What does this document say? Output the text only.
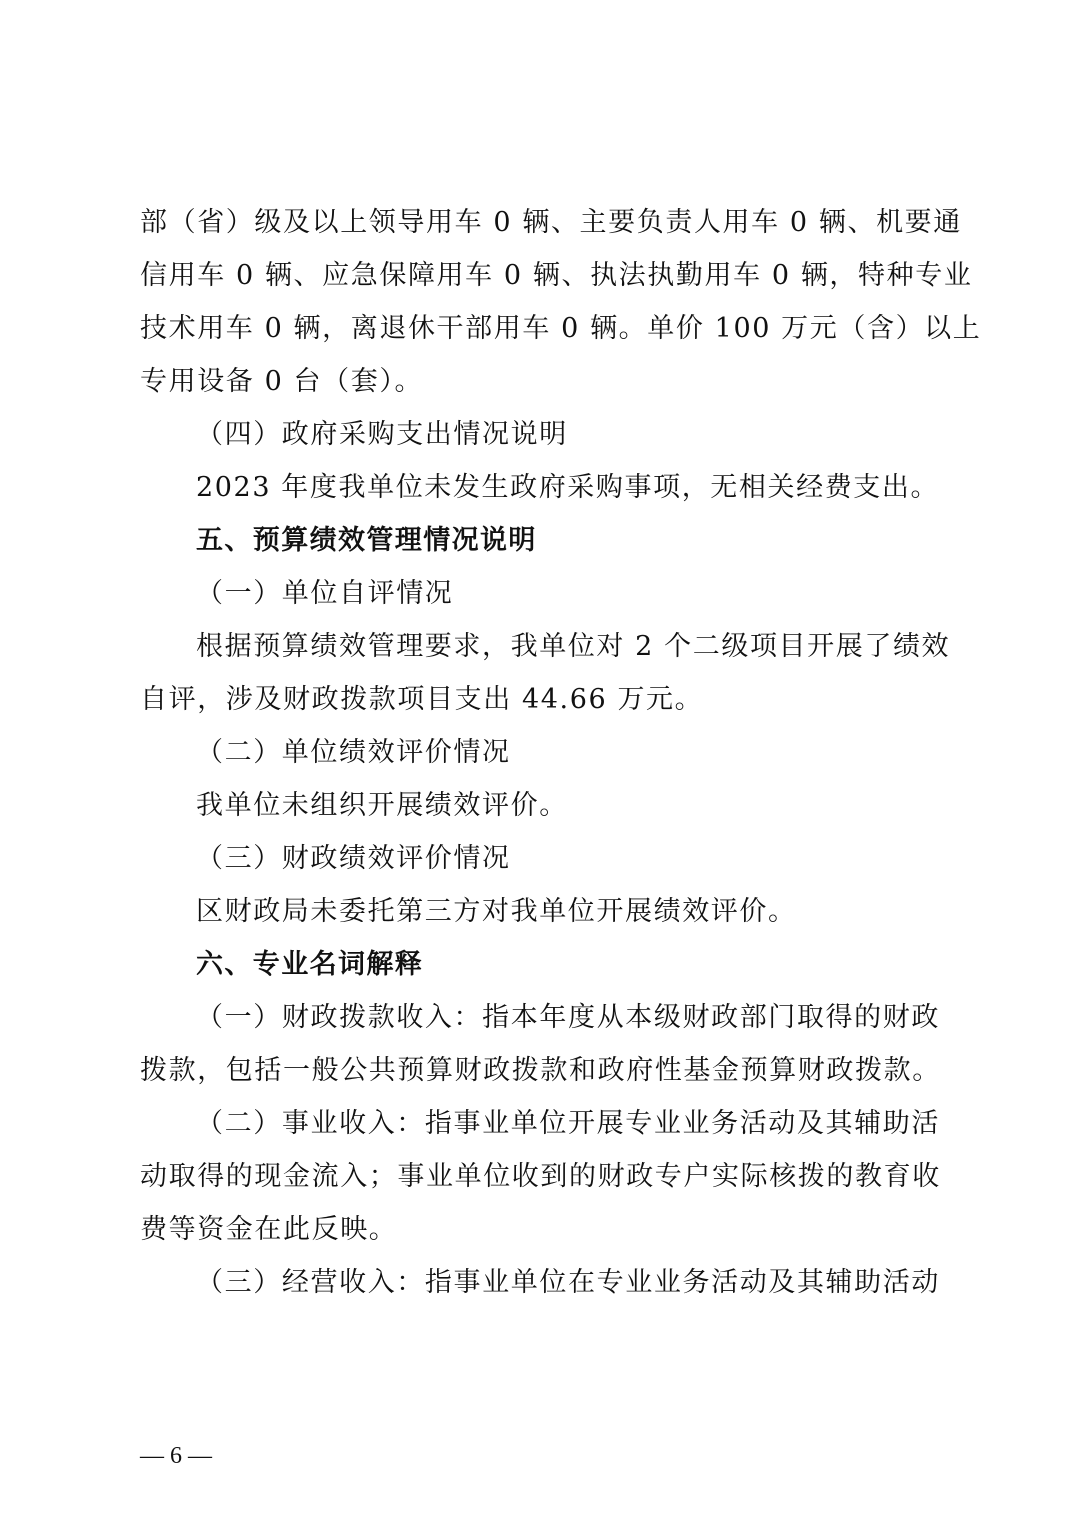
部（省）级及以上领导用车 0 辆、主要负责人用车 0 辆、机要通
信用车 0 辆、应急保障用车 0 辆、执法执勤用车 0 辆，特种专业
技术用车 0 辆，离退休干部用车 0 辆。单价 100 万元（含）以上
专用设备 0 台（套）。
（四）政府采购支出情况说明
2023 年度我单位未发生政府采购事项，无相关经费支出。
五、预算绩效管理情况说明
（一）单位自评情况
根据预算绩效管理要求，我单位对 2 个二级项目开展了绩效
自评，涉及财政拨款项目支出 44.66 万元。
（二）单位绩效评价情况
我单位未组织开展绩效评价。
（三）财政绩效评价情况
区财政局未委托第三方对我单位开展绩效评价。
六、专业名词解释
（一）财政拨款收入：指本年度从本级财政部门取得的财政
拨款，包括一般公共预算财政拨款和政府性基金预算财政拨款。
（二）事业收入：指事业单位开展专业业务活动及其辅助活
动取得的现金流入；事业单位收到的财政专户实际核拨的教育收
费等资金在此反映。
（三）经营收入：指事业单位在专业业务活动及其辅助活动
— 6 —
